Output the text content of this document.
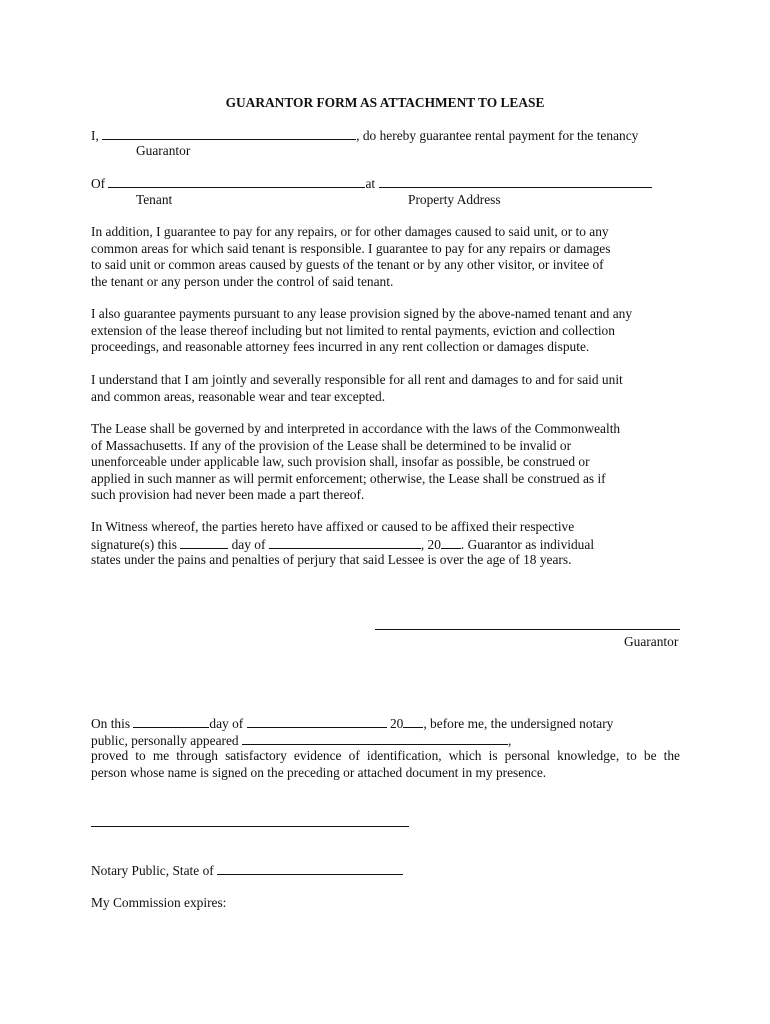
GUARANTOR FORM AS ATTACHMENT TO LEASE
I,	, do hereby guarantee rental payment for the tenancy
Guarantor
Of	at
Tenant	Property Address
In addition, I guarantee to pay for any repairs, or for other damages caused to said unit, or to any
common areas for which said tenant is responsible. I guarantee to pay for any repairs or damages
to said unit or common areas caused by guests of the tenant or by any other visitor, or invitee of
the tenant or any person under the control of said tenant.
I also guarantee payments pursuant to any lease provision signed by the above-named tenant and any
extension of the lease thereof including but not limited to rental payments, eviction and collection
proceedings, and reasonable attorney fees incurred in any rent collection or damages dispute.
I understand that I am jointly and severally responsible for all rent and damages to and for said unit
and common areas, reasonable wear and tear excepted.
The Lease shall be governed by and interpreted in accordance with the laws of the Commonwealth
of Massachusetts. If any of the provision of the Lease shall be determined to be invalid or
unenforceable under applicable law, such provision shall, insofar as possible, be construed or
applied in such manner as will permit enforcement; otherwise, the Lease shall be construed as if
such provision had never been made a part thereof.
In Witness whereof, the parties hereto have affixed or caused to be affixed their respective
signature(s) this	day of	, 20 . Guarantor as individual
states under the pains and penalties of perjury that said Lessee is over the age of 18 years.
Guarantor
On this	day of	20 , before me, the undersigned notary
public, personally appeared	,
proved to me through satisfactory evidence of identification, which is personal knowledge, to be the
person whose name is signed on the preceding or attached document in my presence.
Notary Public, State of
My Commission expires:
